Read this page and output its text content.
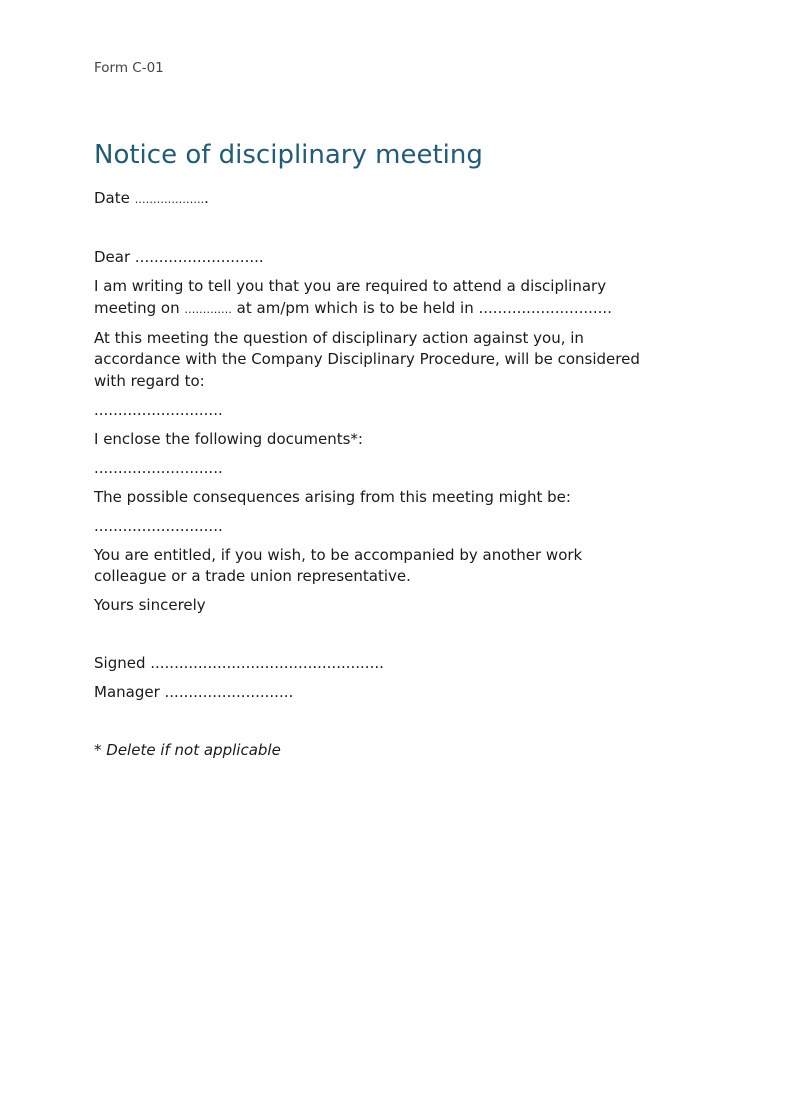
Form C-01
Notice of disciplinary meeting

Date ………………..

Dear ...........................

I am writing to tell you that you are required to attend a disciplinary
meeting on …………. at am/pm which is to be held in ............................

At this meeting the question of disciplinary action against you, in
accordance with the Company Disciplinary Procedure, will be considered
with regard to:

...........................

I enclose the following documents*:

...........................

The possible consequences arising from this meeting might be:

...........................

You are entitled, if you wish, to be accompanied by another work
colleague or a trade union representative.

Yours sincerely

Signed .................................................

Manager ...........................

* Delete if not applicable
